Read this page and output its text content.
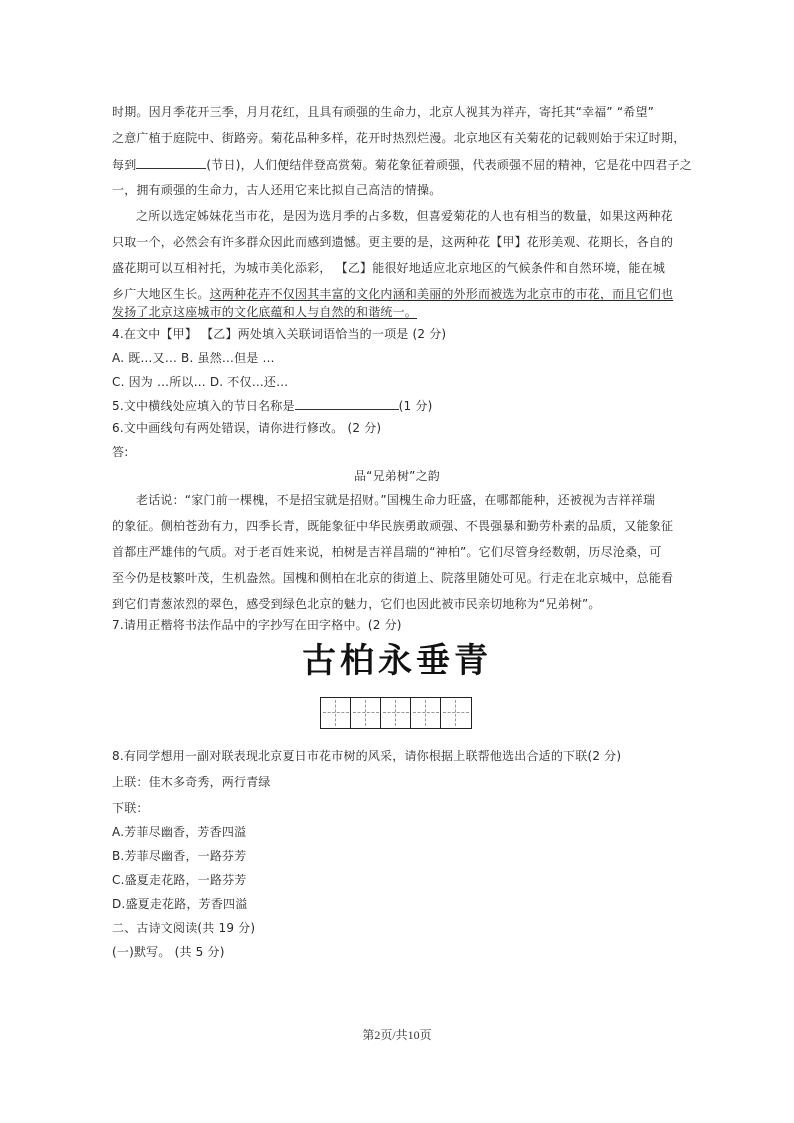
时期。因月季花开三季，月月花红，且具有顽强的生命力，北京人视其为祥卉，寄托其“幸福” “希望”
之意广植于庭院中、街路旁。菊花品种多样，花开时热烈烂漫。北京地区有关菊花的记载则始于宋辽时期，
每到	(节日)，人们便结伴登高赏菊。菊花象征着顽强，代表顽强不屈的精神，它是花中四君子之
一，拥有顽强的生命力，古人还用它来比拟自己高洁的情操。
之所以选定姊妹花当市花，是因为选月季的占多数，但喜爱菊花的人也有相当的数量，如果这两种花
只取一个，必然会有许多群众因此而感到遗憾。更主要的是，这两种花【甲】花形美观、花期长，各自的
盛花期可以互相衬托，为城市美化添彩， 【乙】能很好地适应北京地区的气候条件和自然环境，能在城
乡广大地区生长。这两种花卉不仅因其丰富的文化内涵和美丽的外形而被选为北京市的市花，而且它们也
发扬了北京这座城市的文化底蕴和人与自然的和谐统一。
4.在文中【甲】 【乙】两处填入关联词语恰当的一项是 (2 分)
A. 既…又… B. 虽然…但是 …
C. 因为 …所以… D. 不仅…还…
5.文中横线处应填入的节日名称是	(1 分)
6.文中画线句有两处错误，请你进行修改。 (2 分)
答:
品“兄弟树”之韵
老话说：“家门前一棵槐，不是招宝就是招财。”国槐生命力旺盛，在哪都能种，还被视为吉祥祥瑞
的象征。侧柏苍劲有力，四季长青，既能象征中华民族勇敢顽强、不畏强暴和勤劳朴素的品质，又能象征
首都庄严雄伟的气质。对于老百姓来说，柏树是吉祥昌瑞的“神柏”。它们尽管身经数朝，历尽沧桑，可
至今仍是枝繁叶茂，生机盎然。国槐和侧柏在北京的街道上、院落里随处可见。行走在北京城中，总能看
到它们青葱浓烈的翠色，感受到绿色北京的魅力，它们也因此被市民亲切地称为“兄弟树”。
7.请用正楷将书法作品中的字抄写在田字格中。(2 分)
古柏永垂青
8.有同学想用一副对联表现北京夏日市花市树的风采，请你根据上联帮他选出合适的下联(2 分)
上联：佳木多奇秀，两行青绿
下联：
A.芳菲尽幽香，芳香四溢
B.芳菲尽幽香，一路芬芳
C.盛夏走花路，一路芬芳
D.盛夏走花路，芳香四溢
二、古诗文阅读(共 19 分)
(一)默写。 (共 5 分)
第2页/共10页
